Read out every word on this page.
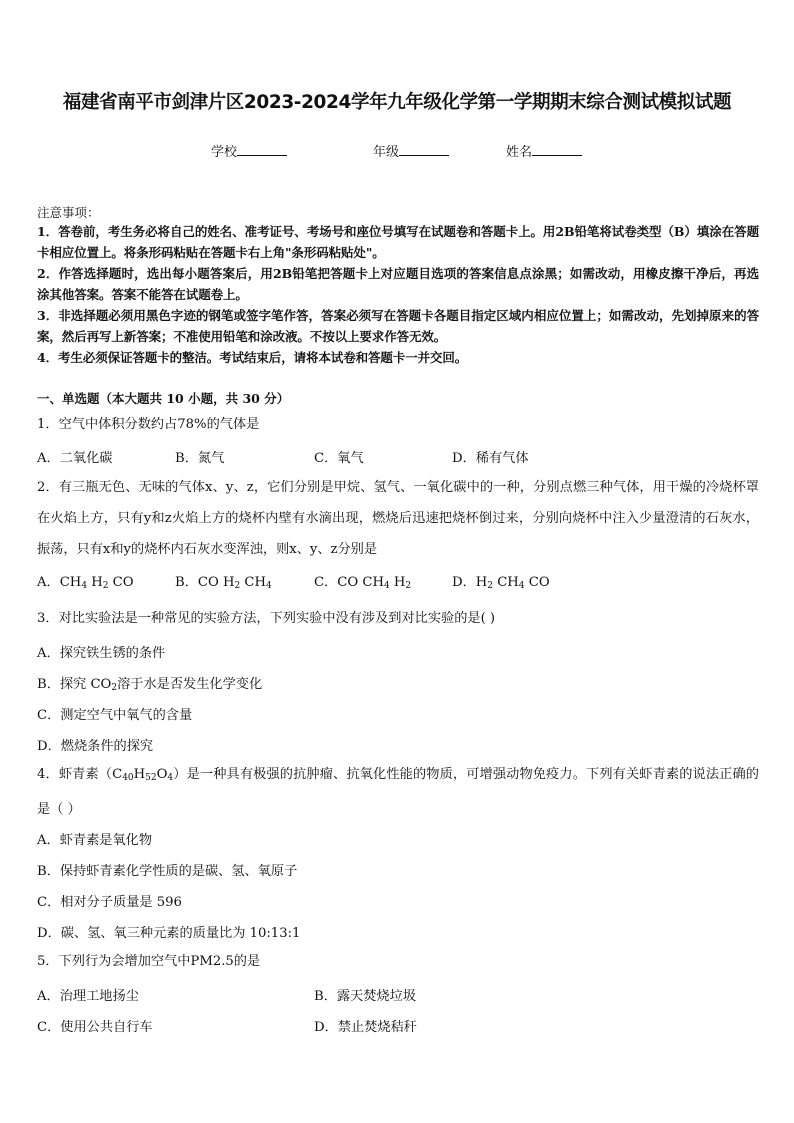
福建省南平市剑津片区2023-2024学年九年级化学第一学期期末综合测试模拟试题
学校	年级	姓名
注意事项：
1．答卷前，考生务必将自己的姓名、准考证号、考场号和座位号填写在试题卷和答题卡上。用2B铅笔将试卷类型（B）填涂在答题卡相应位置上。将条形码粘贴在答题卡右上角"条形码粘贴处"。
2．作答选择题时，选出每小题答案后，用2B铅笔把答题卡上对应题目选项的答案信息点涂黑；如需改动，用橡皮擦干净后，再选涂其他答案。答案不能答在试题卷上。
3．非选择题必须用黑色字迹的钢笔或签字笔作答，答案必须写在答题卡各题目指定区域内相应位置上；如需改动，先划掉原来的答案，然后再写上新答案；不准使用铅笔和涂改液。不按以上要求作答无效。
4．考生必须保证答题卡的整洁。考试结束后，请将本试卷和答题卡一并交回。
一、单选题（本大题共 10 小题，共 30 分）
1．空气中体积分数约占78%的气体是
A．二氧化碳	B．氮气	C．氧气	D．稀有气体
2．有三瓶无色、无味的气体x、y、z，它们分别是甲烷、氢气、一氧化碳中的一种，分别点燃三种气体，用干燥的冷烧杯罩在火焰上方，只有y和z火焰上方的烧杯内壁有水滴出现，燃烧后迅速把烧杯倒过来，分别向烧杯中注入少量澄清的石灰水，振荡，只有x和y的烧杯内石灰水变浑浊，则x、y、z分别是
A．$CH_4$ $H_2$ CO	B．CO $H_2$ $CH_4$	C．CO $CH_4$ $H_2$	D．$H_2$ $CH_4$ CO
3．对比实验法是一种常见的实验方法，下列实验中没有涉及到对比实验的是( )
A．探究铁生锈的条件
B．探究 $CO_2$溶于水是否发生化学变化
C．测定空气中氧气的含量
D．燃烧条件的探究
4．虾青素$(C_{40}H_{52}O_4)$是一种具有极强的抗肿瘤、抗氧化性能的物质，可增强动物免疫力。下列有关虾青素的说法正确的是（ ）
A．虾青素是氧化物
B．保持虾青素化学性质的是碳、氢、氧原子
C．相对分子质量是 596
D．碳、氢、氧三种元素的质量比为 10:13:1
5．下列行为会增加空气中PM2.5的是
A．治理工地扬尘	B．露天焚烧垃圾
C．使用公共自行车	D．禁止焚烧秸秆
